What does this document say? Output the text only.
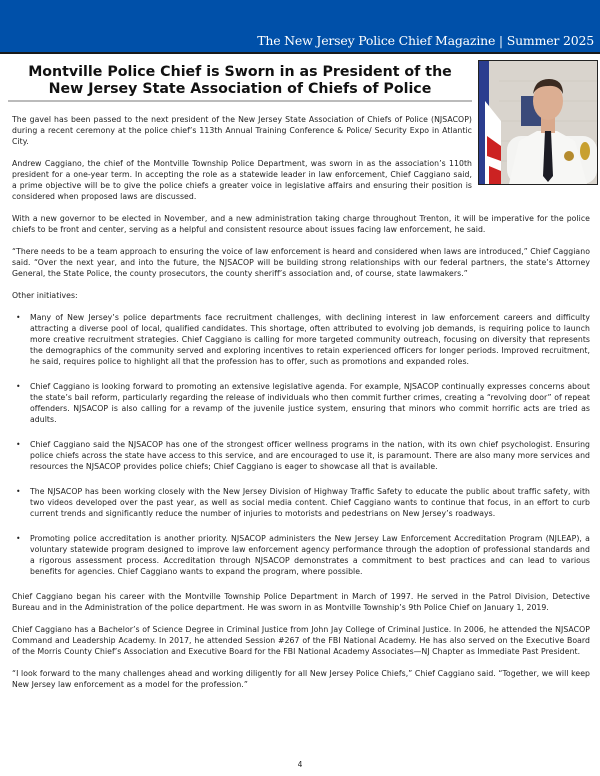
The New Jersey Police Chief Magazine | Summer 2025
Montville Police Chief is Sworn in as President of the
New Jersey State Association of Chiefs of Police

The gavel has been passed to the next president of the New Jersey State Association of Chiefs of Police (NJSACOP) during a recent ceremony at the police chief’s 113th Annual Training Conference & Police/ Security Expo in Atlantic City.

Andrew Caggiano, the chief of the Montville Township Police Department, was sworn in as the association’s 110th president for a one-year term. In accepting the role as a statewide leader in law enforcement, Chief Caggiano said, a prime objective will be to give the police chiefs a greater voice in legislative affairs and ensuring their position is considered when proposed laws are discussed.

With a new governor to be elected in November, and a new administration taking charge throughout Trenton, it will be imperative for the police chiefs to be front and center, serving as a helpful and consistent resource about issues facing law enforcement, he said.

“There needs to be a team approach to ensuring the voice of law enforcement is heard and considered when laws are introduced,” Chief Caggiano said. “Over the next year, and into the future, the NJSACOP will be building strong relationships with our federal partners, the state’s Attorney General, the State Police, the county prosecutors, the county sheriff’s association and, of course, state lawmakers.”

Other initiatives:

• Many of New Jersey’s police departments face recruitment challenges, with declining interest in law enforcement careers and difficulty attracting a diverse pool of local, qualified candidates. This shortage, often attributed to evolving job demands, is requiring police to launch more creative recruitment strategies. Chief Caggiano is calling for more targeted community outreach, focusing on diversity that represents the demographics of the community served and exploring incentives to retain experienced officers for longer periods. Improved recruitment, he said, requires police to highlight all that the profession has to offer, such as promotions and expanded roles.
• Chief Caggiano is looking forward to promoting an extensive legislative agenda. For example, NJSACOP continually expresses concerns about the state’s bail reform, particularly regarding the release of individuals who then commit further crimes, creating a “revolving door” of repeat offenders. NJSACOP is also calling for a revamp of the juvenile justice system, ensuring that minors who commit horrific acts are tried as adults.
• Chief Caggiano said the NJSACOP has one of the strongest officer wellness programs in the nation, with its own chief psychologist. Ensuring police chiefs across the state have access to this service, and are encouraged to use it, is paramount. There are also many more services and resources the NJSACOP provides police chiefs; Chief Caggiano is eager to showcase all that is available.
• The NJSACOP has been working closely with the New Jersey Division of Highway Traffic Safety to educate the public about traffic safety, with two videos developed over the past year, as well as social media content. Chief Caggiano wants to continue that focus, in an effort to curb current trends and significantly reduce the number of injuries to motorists and pedestrians on New Jersey’s roadways.
• Promoting police accreditation is another priority. NJSACOP administers the New Jersey Law Enforcement Accreditation Program (NJLEAP), a voluntary statewide program designed to improve law enforcement agency performance through the adoption of professional standards and a rigorous assessment process. Accreditation through NJSACOP demonstrates a commitment to best practices and can lead to various benefits for agencies. Chief Caggiano wants to expand the program, where possible.

Chief Caggiano began his career with the Montville Township Police Department in March of 1997. He served in the Patrol Division, Detective Bureau and in the Administration of the police department. He was sworn in as Montville Township’s 9th Police Chief on January 1, 2019.

Chief Caggiano has a Bachelor’s of Science Degree in Criminal Justice from John Jay College of Criminal Justice. In 2006, he attended the NJSACOP Command and Leadership Academy. In 2017, he attended Session #267 of the FBI National Academy. He has also served on the Executive Board of the Morris County Chief’s Association and Executive Board for the FBI National Academy Associates—NJ Chapter as Immediate Past President.

“I look forward to the many challenges ahead and working diligently for all New Jersey Police Chiefs,” Chief Caggiano said. “Together, we will keep New Jersey law enforcement as a model for the profession.”

4
